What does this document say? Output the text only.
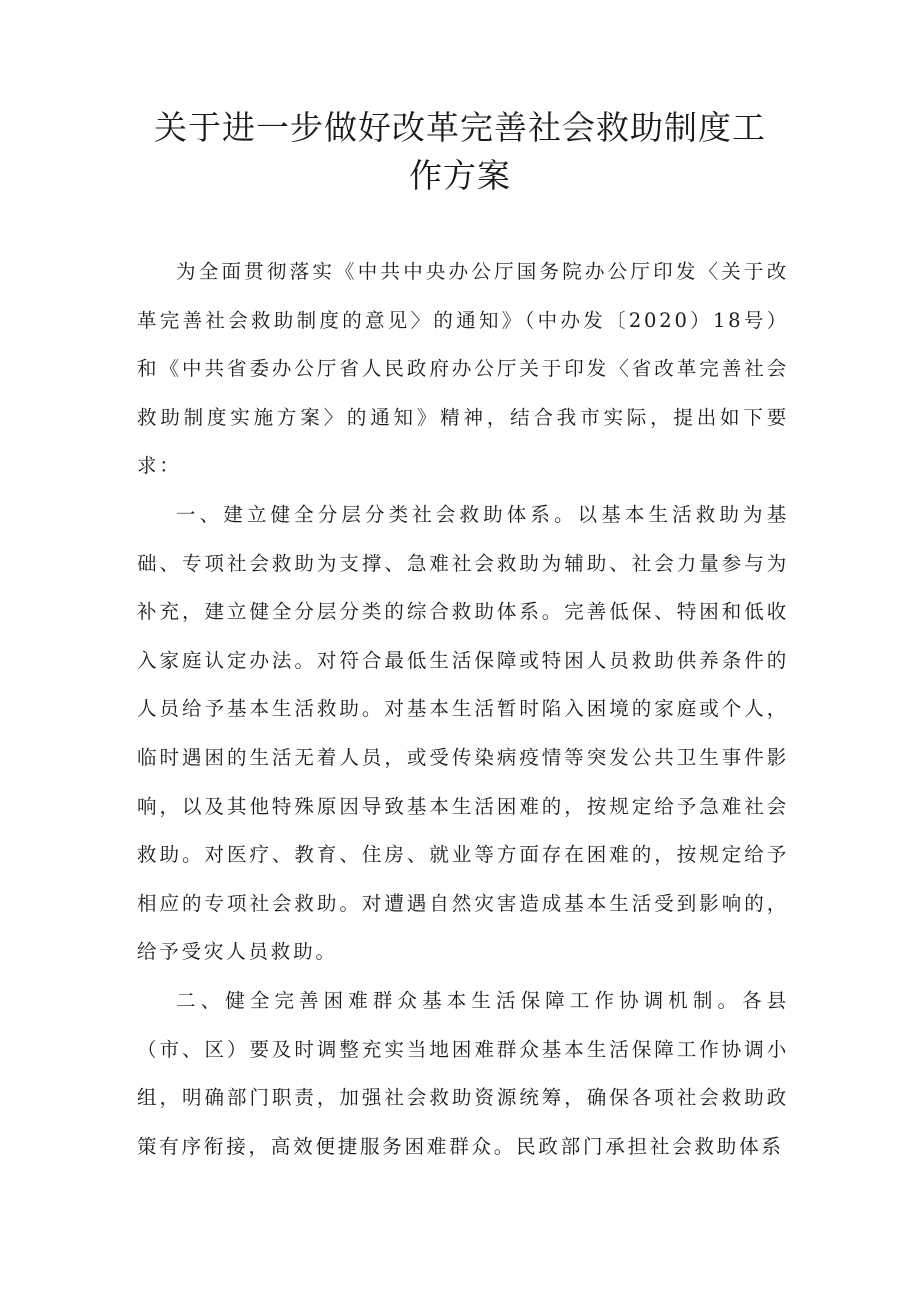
关于进一步做好改革完善社会救助制度工
作方案

为全面贯彻落实《中共中央办公厅国务院办公厅印发〈关于改革完善社会救助制度的意见〉的通知》（中办发〔2020）18号）和《中共省委办公厅省人民政府办公厅关于印发〈省改革完善社会救助制度实施方案〉的通知》精神，结合我市实际，提出如下要求：

一、建立健全分层分类社会救助体系。以基本生活救助为基础、专项社会救助为支撑、急难社会救助为辅助、社会力量参与为补充，建立健全分层分类的综合救助体系。完善低保、特困和低收入家庭认定办法。对符合最低生活保障或特困人员救助供养条件的人员给予基本生活救助。对基本生活暂时陷入困境的家庭或个人，临时遇困的生活无着人员，或受传染病疫情等突发公共卫生事件影响，以及其他特殊原因导致基本生活困难的，按规定给予急难社会救助。对医疗、教育、住房、就业等方面存在困难的，按规定给予相应的专项社会救助。对遭遇自然灾害造成基本生活受到影响的，给予受灾人员救助。

二、健全完善困难群众基本生活保障工作协调机制。各县（市、区）要及时调整充实当地困难群众基本生活保障工作协调小组，明确部门职责，加强社会救助资源统筹，确保各项社会救助政策有序衔接，高效便捷服务困难群众。民政部门承担社会救助体系
